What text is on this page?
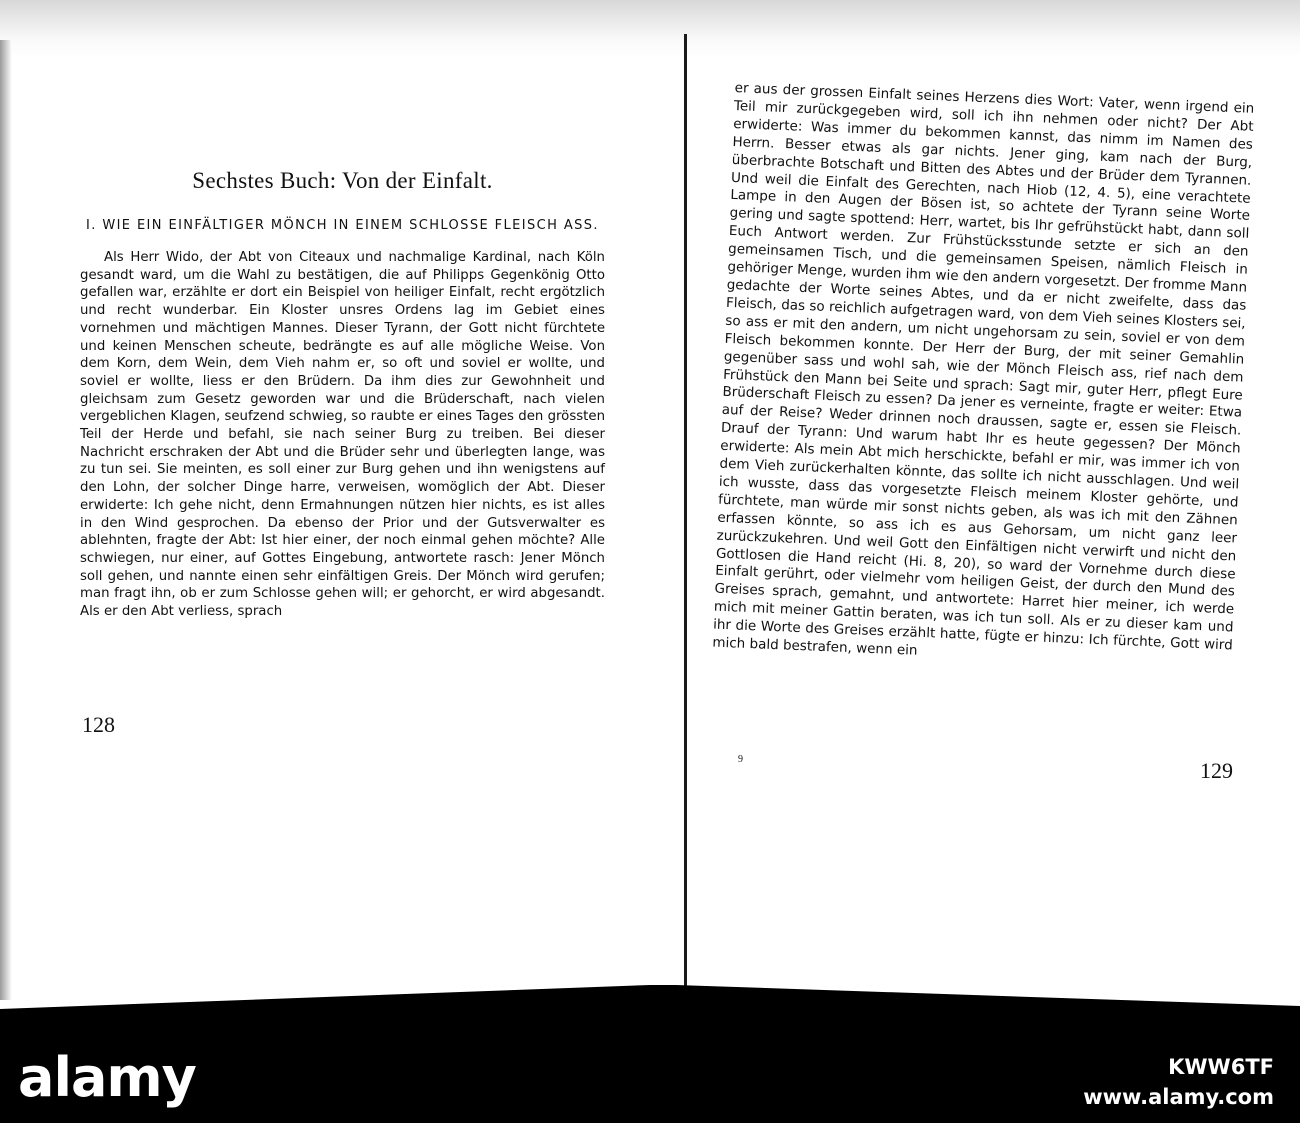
Sechstes Buch: Von der Einfalt.
I. WIE EIN EINFÄLTIGER MÖNCH IN EINEM SCHLOSSE FLEISCH ASS.

Als Herr Wido, der Abt von Citeaux und nachmalige Kardinal, nach Köln gesandt ward, um die Wahl zu bestätigen, die auf Philipps Gegenkönig Otto gefallen war, erzählte er dort ein Beispiel von heiliger Einfalt, recht ergötzlich und recht wunderbar. Ein Kloster unsres Ordens lag im Gebiet eines vornehmen und mächtigen Mannes. Dieser Tyrann, der Gott nicht fürchtete und keinen Menschen scheute, bedrängte es auf alle mögliche Weise. Von dem Korn, dem Wein, dem Vieh nahm er, so oft und soviel er wollte, und soviel er wollte, liess er den Brüdern. Da ihm dies zur Gewohnheit und gleichsam zum Gesetz geworden war und die Brüderschaft, nach vielen vergeblichen Klagen, seufzend schwieg, so raubte er eines Tages den grössten Teil der Herde und befahl, sie nach seiner Burg zu treiben. Bei dieser Nachricht erschraken der Abt und die Brüder sehr und überlegten lange, was zu tun sei. Sie meinten, es soll einer zur Burg gehen und ihn wenigstens auf den Lohn, der solcher Dinge harre, verweisen, womöglich der Abt. Dieser erwiderte: Ich gehe nicht, denn Ermahnungen nützen hier nichts, es ist alles in den Wind gesprochen. Da ebenso der Prior und der Gutsverwalter es ablehnten, fragte der Abt: Ist hier einer, der noch einmal gehen möchte? Alle schwiegen, nur einer, auf Gottes Eingebung, antwortete rasch: Jener Mönch soll gehen, und nannte einen sehr einfältigen Greis. Der Mönch wird gerufen; man fragt ihn, ob er zum Schlosse gehen will; er gehorcht, er wird abgesandt. Als er den Abt verliess, sprach

128

er aus der grossen Einfalt seines Herzens dies Wort: Vater, wenn irgend ein Teil mir zurückgegeben wird, soll ich ihn nehmen oder nicht? Der Abt erwiderte: Was immer du bekommen kannst, das nimm im Namen des Herrn. Besser etwas als gar nichts. Jener ging, kam nach der Burg, überbrachte Botschaft und Bitten des Abtes und der Brüder dem Tyrannen. Und weil die Einfalt des Gerechten, nach Hiob (12, 4. 5), eine verachtete Lampe in den Augen der Bösen ist, so achtete der Tyrann seine Worte gering und sagte spottend: Herr, wartet, bis Ihr gefrühstückt habt, dann soll Euch Antwort werden. Zur Frühstücksstunde setzte er sich an den gemeinsamen Tisch, und die gemeinsamen Speisen, nämlich Fleisch in gehöriger Menge, wurden ihm wie den andern vorgesetzt. Der fromme Mann gedachte der Worte seines Abtes, und da er nicht zweifelte, dass das Fleisch, das so reichlich aufgetragen ward, von dem Vieh seines Klosters sei, so ass er mit den andern, um nicht ungehorsam zu sein, soviel er von dem Fleisch bekommen konnte. Der Herr der Burg, der mit seiner Gemahlin gegenüber sass und wohl sah, wie der Mönch Fleisch ass, rief nach dem Frühstück den Mann bei Seite und sprach: Sagt mir, guter Herr, pflegt Eure Brüderschaft Fleisch zu essen? Da jener es verneinte, fragte er weiter: Etwa auf der Reise? Weder drinnen noch draussen, sagte er, essen sie Fleisch. Drauf der Tyrann: Und warum habt Ihr es heute gegessen? Der Mönch erwiderte: Als mein Abt mich herschickte, befahl er mir, was immer ich von dem Vieh zurückerhalten könnte, das sollte ich nicht ausschlagen. Und weil ich wusste, dass das vorgesetzte Fleisch meinem Kloster gehörte, und fürchtete, man würde mir sonst nichts geben, als was ich mit den Zähnen erfassen könnte, so ass ich es aus Gehorsam, um nicht ganz leer zurückzukehren. Und weil Gott den Einfältigen nicht verwirft und nicht den Gottlosen die Hand reicht (Hi. 8, 20), so ward der Vornehme durch diese Einfalt gerührt, oder vielmehr vom heiligen Geist, der durch den Mund des Greises sprach, gemahnt, und antwortete: Harret hier meiner, ich werde mich mit meiner Gattin beraten, was ich tun soll. Als er zu dieser kam und ihr die Worte des Greises erzählt hatte, fügte er hinzu: Ich fürchte, Gott wird mich bald bestrafen, wenn ein

9	129
alamy	KWW6TF
www.alamy.com
